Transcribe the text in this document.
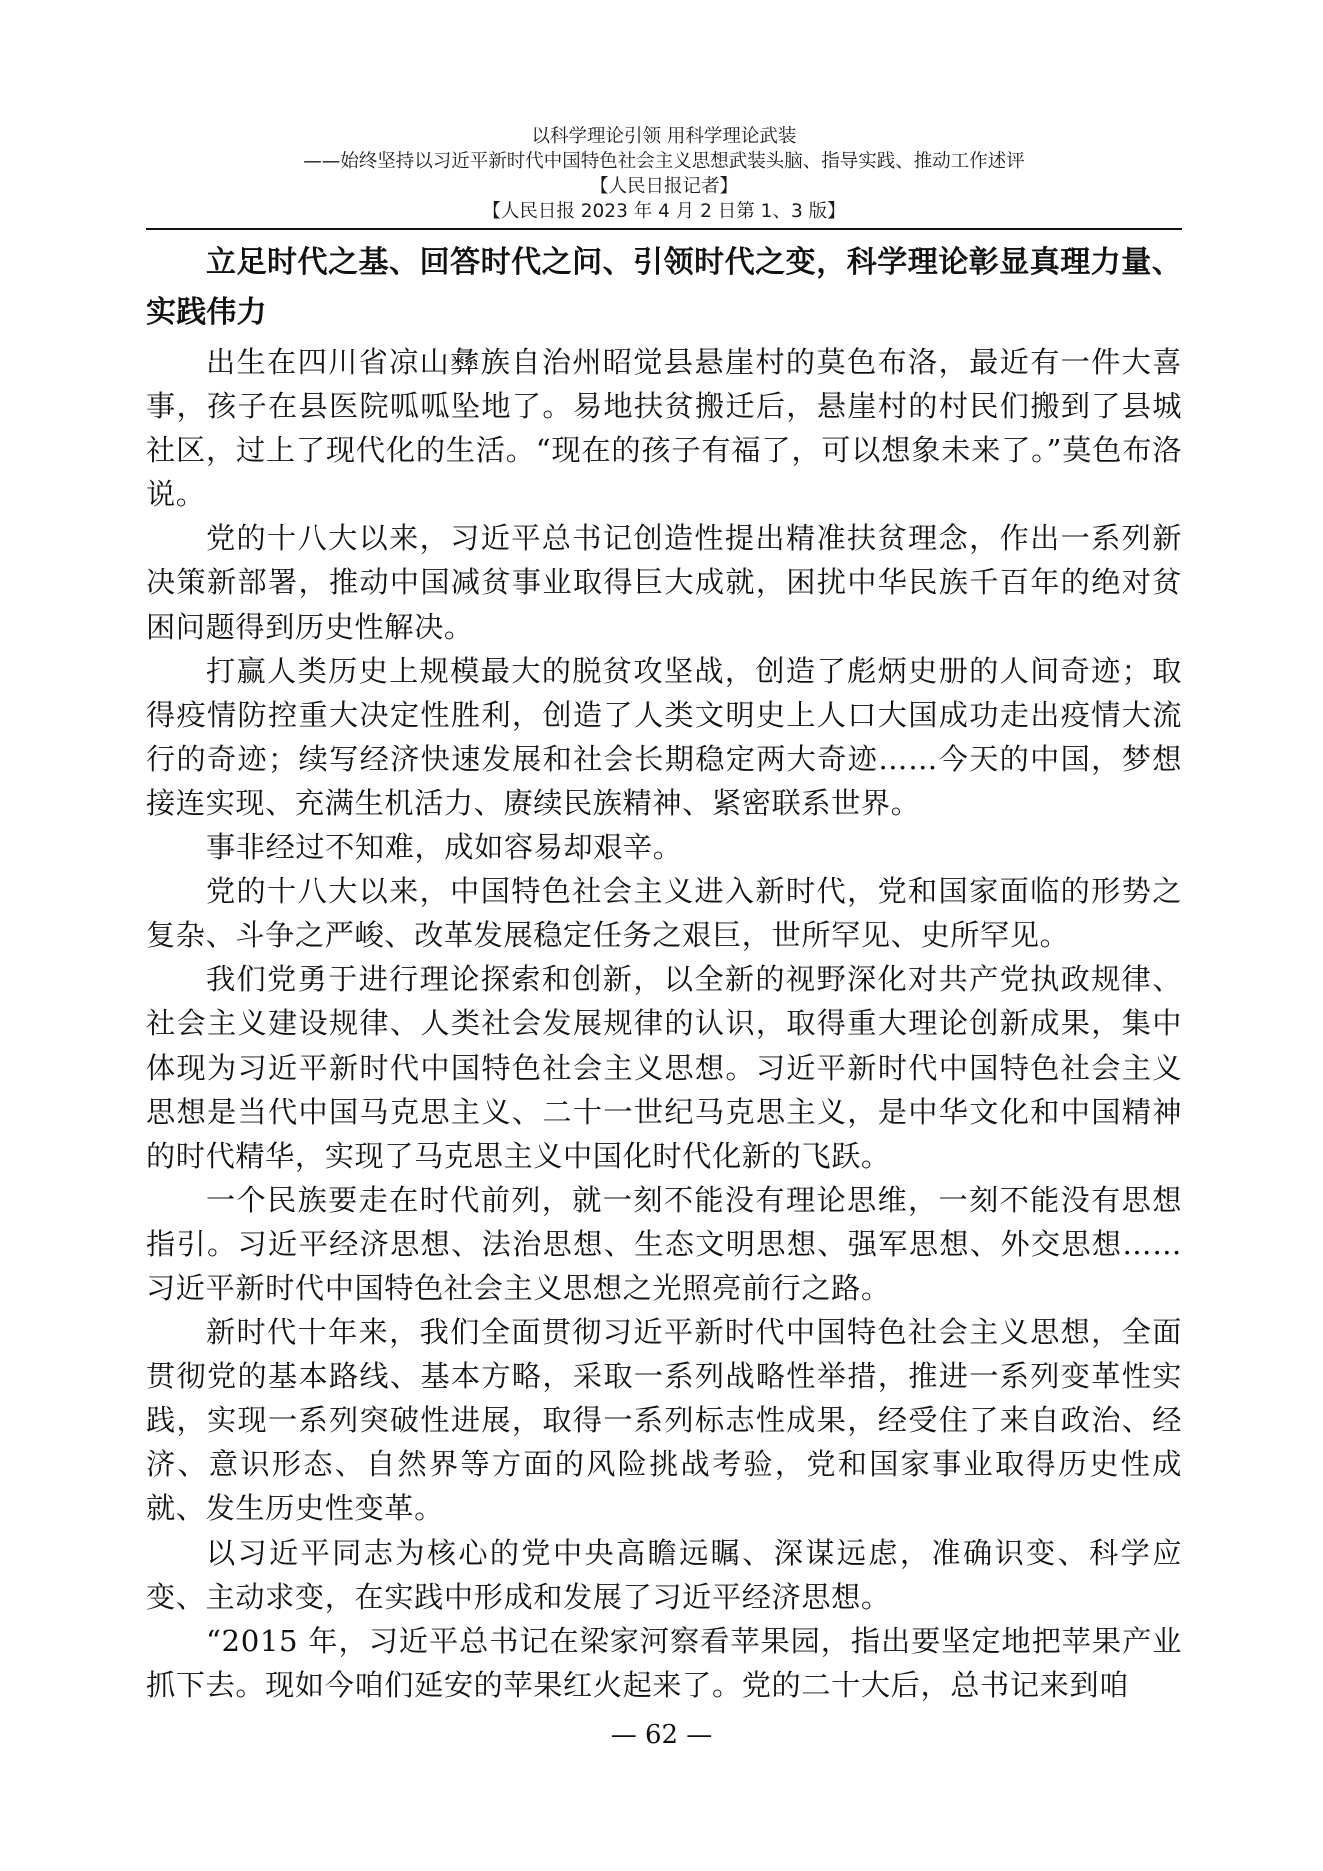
以科学理论引领 用科学理论武装
——始终坚持以习近平新时代中国特色社会主义思想武装头脑、指导实践、推动工作述评
【人民日报记者】
【人民日报 2023 年 4 月 2 日第 1、3 版】

立足时代之基、回答时代之问、引领时代之变，科学理论彰显真理力量、实践伟力

出生在四川省凉山彝族自治州昭觉县悬崖村的莫色布洛，最近有一件大喜事，孩子在县医院呱呱坠地了。易地扶贫搬迁后，悬崖村的村民们搬到了县城社区，过上了现代化的生活。“现在的孩子有福了，可以想象未来了。”莫色布洛说。

党的十八大以来，习近平总书记创造性提出精准扶贫理念，作出一系列新决策新部署，推动中国减贫事业取得巨大成就，困扰中华民族千百年的绝对贫困问题得到历史性解决。

打赢人类历史上规模最大的脱贫攻坚战，创造了彪炳史册的人间奇迹；取得疫情防控重大决定性胜利，创造了人类文明史上人口大国成功走出疫情大流行的奇迹；续写经济快速发展和社会长期稳定两大奇迹……今天的中国，梦想接连实现、充满生机活力、赓续民族精神、紧密联系世界。

事非经过不知难，成如容易却艰辛。

党的十八大以来，中国特色社会主义进入新时代，党和国家面临的形势之复杂、斗争之严峻、改革发展稳定任务之艰巨，世所罕见、史所罕见。

我们党勇于进行理论探索和创新，以全新的视野深化对共产党执政规律、社会主义建设规律、人类社会发展规律的认识，取得重大理论创新成果，集中体现为习近平新时代中国特色社会主义思想。习近平新时代中国特色社会主义思想是当代中国马克思主义、二十一世纪马克思主义，是中华文化和中国精神的时代精华，实现了马克思主义中国化时代化新的飞跃。

一个民族要走在时代前列，就一刻不能没有理论思维，一刻不能没有思想指引。习近平经济思想、法治思想、生态文明思想、强军思想、外交思想……习近平新时代中国特色社会主义思想之光照亮前行之路。

新时代十年来，我们全面贯彻习近平新时代中国特色社会主义思想，全面贯彻党的基本路线、基本方略，采取一系列战略性举措，推进一系列变革性实践，实现一系列突破性进展，取得一系列标志性成果，经受住了来自政治、经济、意识形态、自然界等方面的风险挑战考验，党和国家事业取得历史性成就、发生历史性变革。

以习近平同志为核心的党中央高瞻远瞩、深谋远虑，准确识变、科学应变、主动求变，在实践中形成和发展了习近平经济思想。

“2015 年，习近平总书记在梁家河察看苹果园，指出要坚定地把苹果产业抓下去。现如今咱们延安的苹果红火起来了。党的二十大后，总书记来到咱

— 62 —
